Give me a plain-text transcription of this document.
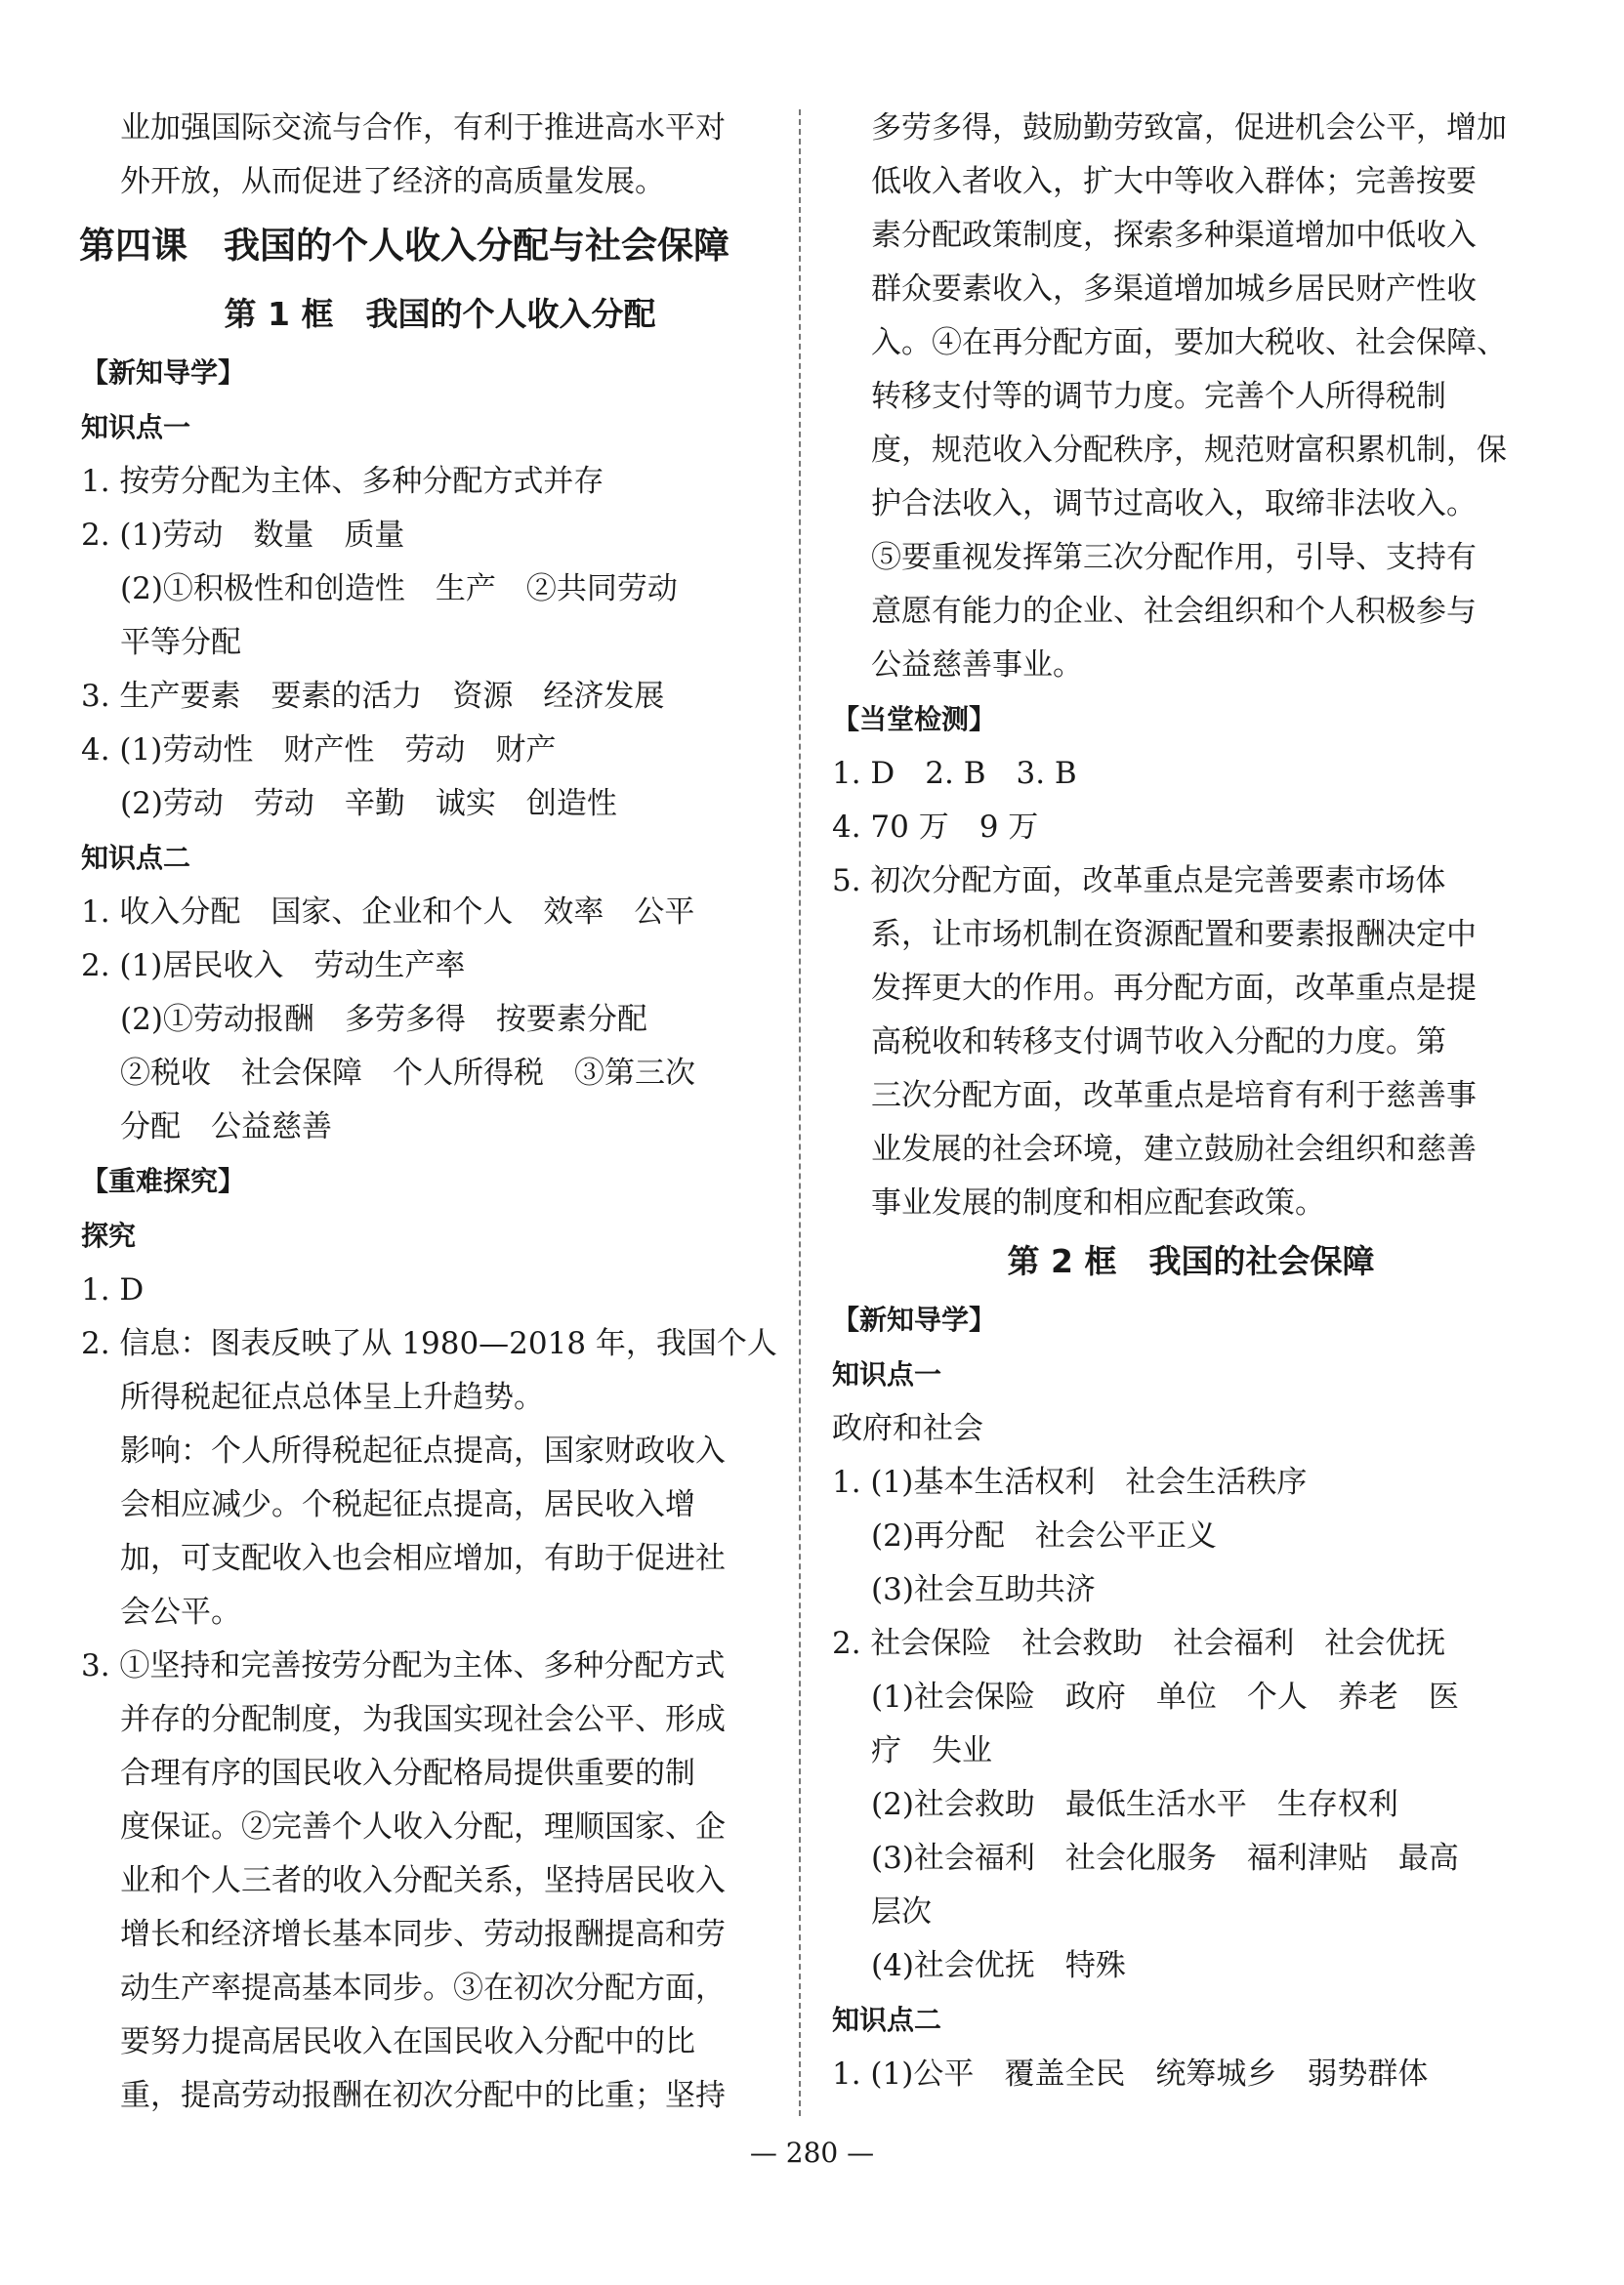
业加强国际交流与合作，有利于推进高水平对

外开放，从而促进了经济的高质量发展。

第四课　我国的个人收入分配与社会保障
第 1 框　我国的个人收入分配
【新知导学】
知识点一

1. 按劳分配为主体、多种分配方式并存

2. (1)劳动　数量　质量

(2)①积极性和创造性　生产　②共同劳动

平等分配

3. 生产要素　要素的活力　资源　经济发展

4. (1)劳动性　财产性　劳动　财产

(2)劳动　劳动　辛勤　诚实　创造性

知识点二

1. 收入分配　国家、企业和个人　效率　公平

2. (1)居民收入　劳动生产率

(2)①劳动报酬　多劳多得　按要素分配

②税收　社会保障　个人所得税　③第三次

分配　公益慈善

【重难探究】
探究

1. D

2. 信息：图表反映了从 1980—2018 年，我国个人

所得税起征点总体呈上升趋势。

影响：个人所得税起征点提高，国家财政收入

会相应减少。个税起征点提高，居民收入增

加，可支配收入也会相应增加，有助于促进社

会公平。

3. ①坚持和完善按劳分配为主体、多种分配方式

并存的分配制度，为我国实现社会公平、形成

合理有序的国民收入分配格局提供重要的制

度保证。②完善个人收入分配，理顺国家、企

业和个人三者的收入分配关系，坚持居民收入

增长和经济增长基本同步、劳动报酬提高和劳

动生产率提高基本同步。③在初次分配方面，

要努力提高居民收入在国民收入分配中的比

重，提高劳动报酬在初次分配中的比重；坚持

多劳多得，鼓励勤劳致富，促进机会公平，增加

低收入者收入，扩大中等收入群体；完善按要

素分配政策制度，探索多种渠道增加中低收入

群众要素收入，多渠道增加城乡居民财产性收

入。④在再分配方面，要加大税收、社会保障、

转移支付等的调节力度。完善个人所得税制

度，规范收入分配秩序，规范财富积累机制，保

护合法收入，调节过高收入，取缔非法收入。

⑤要重视发挥第三次分配作用，引导、支持有

意愿有能力的企业、社会组织和个人积极参与

公益慈善事业。

【当堂检测】

1. D　2. B　3. B

4. 70 万　9 万

5. 初次分配方面，改革重点是完善要素市场体

系，让市场机制在资源配置和要素报酬决定中

发挥更大的作用。再分配方面，改革重点是提

高税收和转移支付调节收入分配的力度。第

三次分配方面，改革重点是培育有利于慈善事

业发展的社会环境，建立鼓励社会组织和慈善

事业发展的制度和相应配套政策。

第 2 框　我国的社会保障
【新知导学】
知识点一

政府和社会

1. (1)基本生活权利　社会生活秩序

(2)再分配　社会公平正义

(3)社会互助共济

2. 社会保险　社会救助　社会福利　社会优抚

(1)社会保险　政府　单位　个人　养老　医

疗　失业

(2)社会救助　最低生活水平　生存权利

(3)社会福利　社会化服务　福利津贴　最高

层次

(4)社会优抚　特殊

知识点二

1. (1)公平　覆盖全民　统筹城乡　弱势群体

— 280 —
